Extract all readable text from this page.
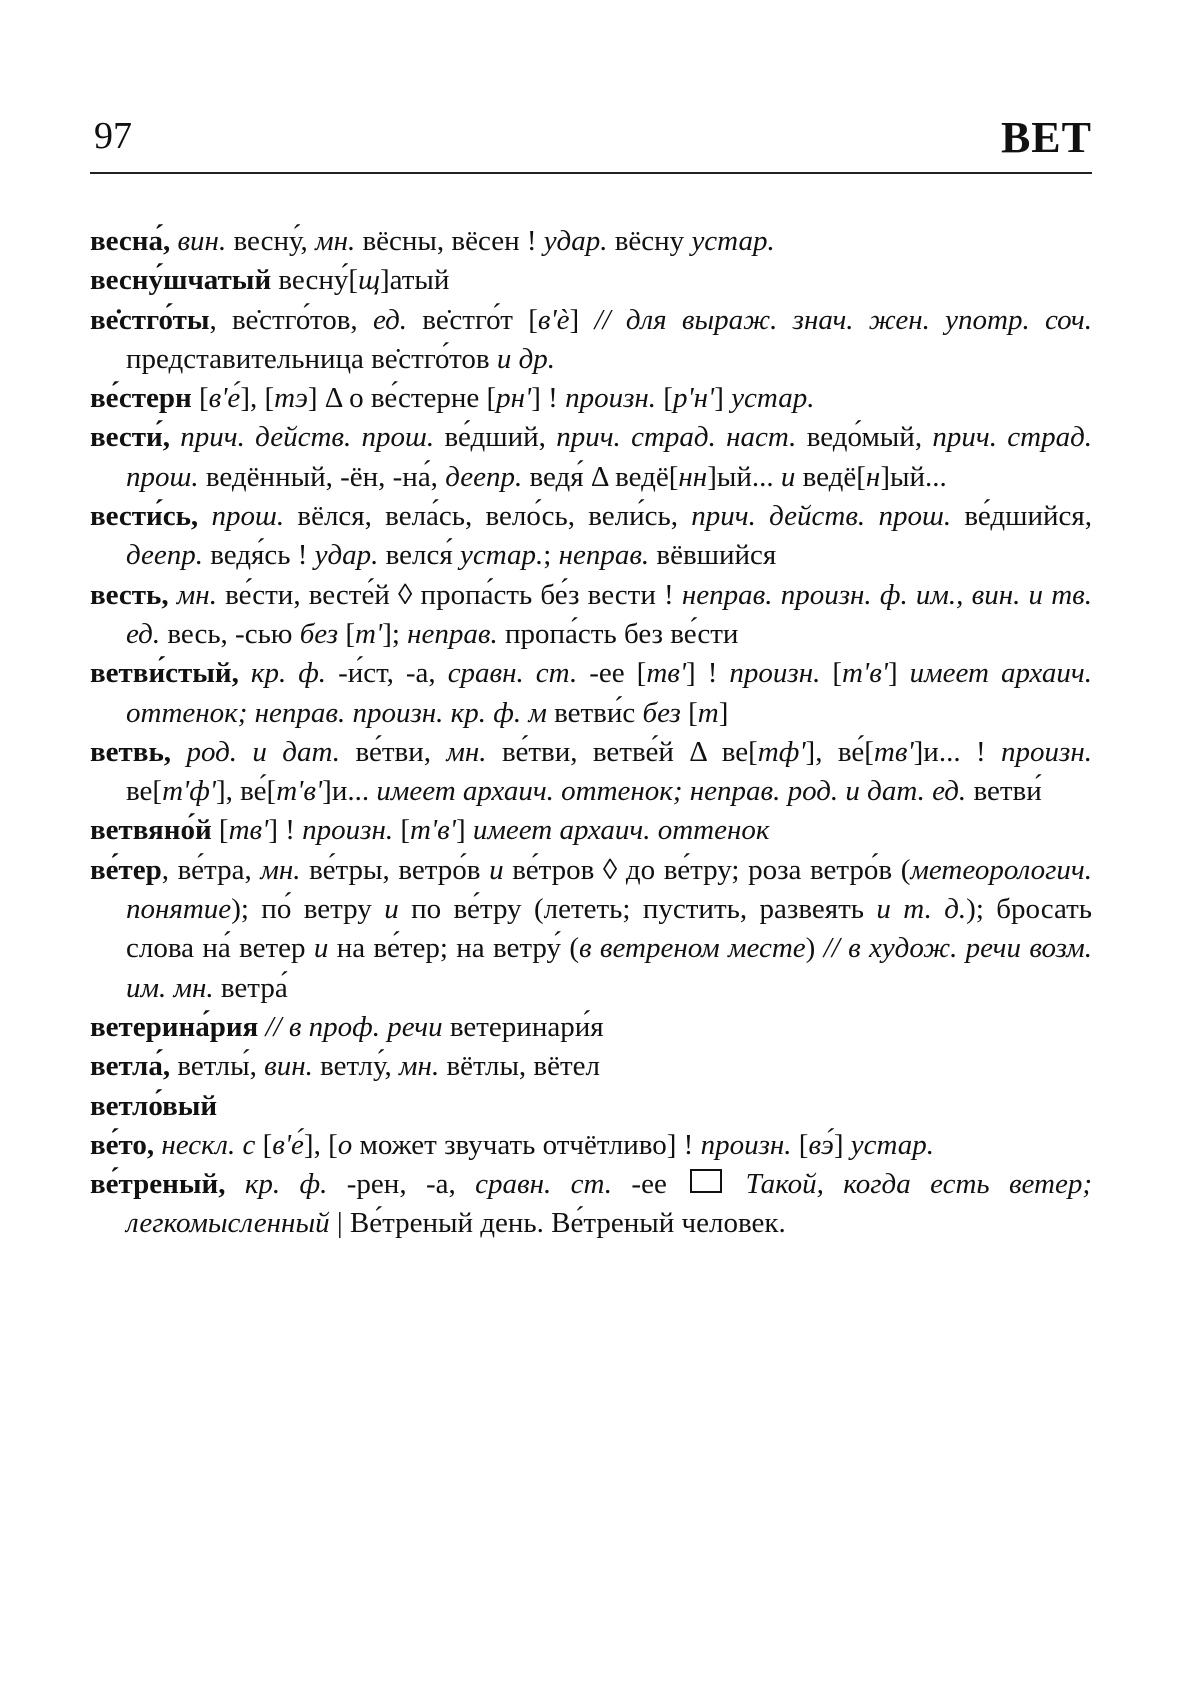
97	ВЕТ
весна́, вин. весну́, мн. вёсны, вёсен ! удар. вёсну устар.
весну́шчатый весну́[щ]атый
ве̇стго́ты, ве̇стго́тов, ед. ве̇стго́т [в'ѐ] // для выраж. знач. жен. употр. соч. представительница ве̇стго́тов и др.
ве́стерн [в'е́], [тэ] Δ о ве́стерне [рн'] ! произн. [р'н'] устар.
вести́, прич. действ. прош. ве́дший, прич. страд. наст. ведо́мый, прич. страд. прош. ведённый, -ён, -на́, деепр. ведя́ Δ ведё[нн]ый... и ведё[н]ый...
вести́сь, прош. вёлся, вела́сь, вело́сь, вели́сь, прич. действ. прош. ве́дшийся, деепр. ведя́сь ! удар. велся́ устар.; неправ. вёвшийся
весть, мн. ве́сти, весте́й ◊ пропа́сть бе́з вести ! неправ. произн. ф. им., вин. и тв. ед. весь, -сью без [т']; неправ. пропа́сть без ве́сти
ветви́стый, кр. ф. -и́ст, -а, сравн. ст. -ее [тв'] ! произн. [т'в'] имеет архаич. оттенок; неправ. произн. кр. ф. м ветви́с без [т]
ветвь, род. и дат. ве́тви, мн. ве́тви, ветве́й Δ ве[тф'], ве́[тв']и... ! произн. ве[т'ф'], ве́[т'в']и... имеет архаич. оттенок; неправ. род. и дат. ед. ветви́
ветвяно́й [тв'] ! произн. [т'в'] имеет архаич. оттенок
ве́тер, ве́тра, мн. ве́тры, ветро́в и ве́тров ◊ до ве́тру; роза ветро́в (метеорологич. понятие); по́ ветру и по ве́тру (лететь; пустить, развеять и т. д.); бросать слова на́ ветер и на ве́тер; на ветру́ (в ветреном месте) // в худож. речи возм. им. мн. ветра́
ветерина́рия // в проф. речи ветеринари́я
ветла́, ветлы́, вин. ветлу́, мн. вётлы, вётел
ветло́вый
ве́то, нескл. с [в'е́], [о может звучать отчётливо] ! произн. [вэ́] устар.
ве́треный, кр. ф. -рен, -а, сравн. ст. -ее  Такой, когда есть ветер; легкомысленный | Ве́треный день. Ве́треный человек.
